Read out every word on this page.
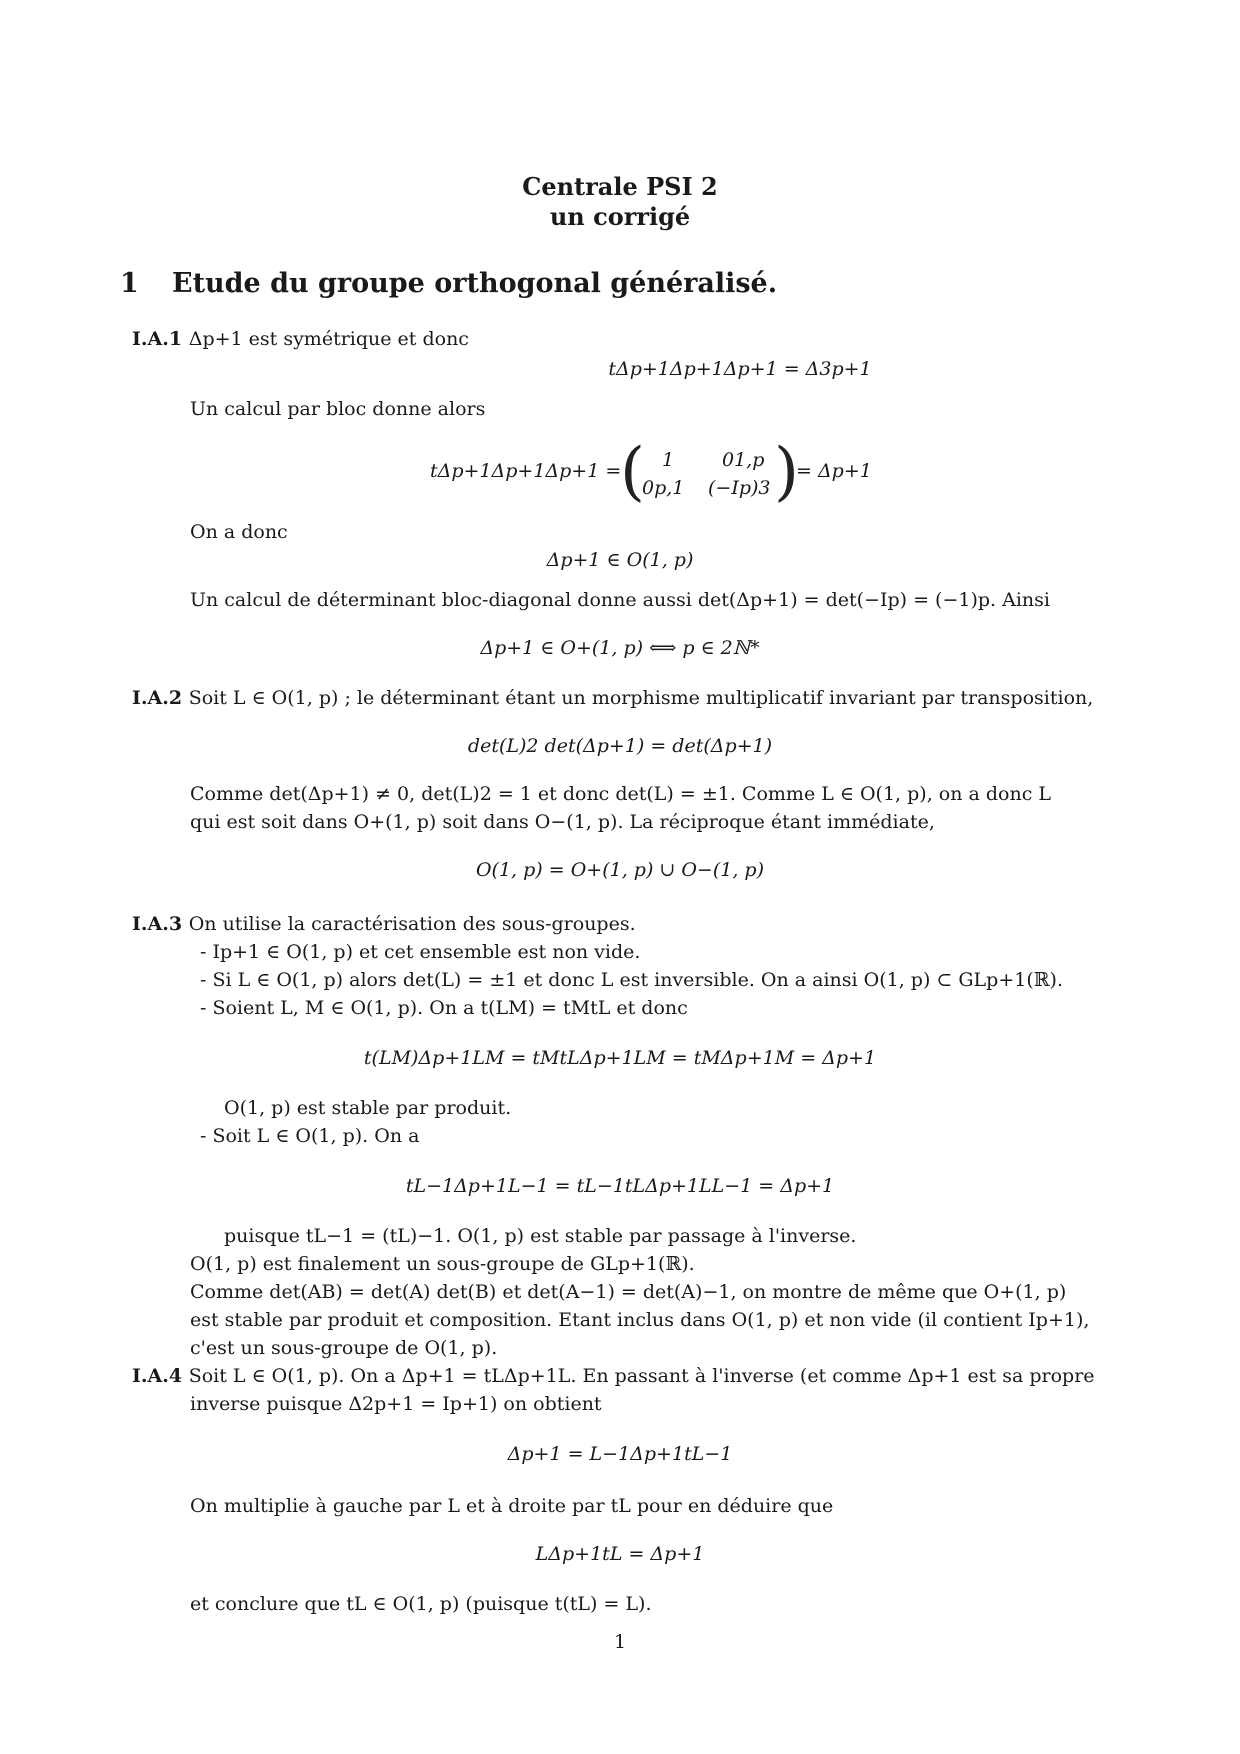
Centrale PSI 2
un corrigé
1 Etude du groupe orthogonal généralisé.
I.A.1 Δp+1 est symétrique et donc
tΔp+1Δp+1Δp+1 = Δ3p+1
Un calcul par bloc donne alors
tΔp+1Δp+1Δp+1 =
( 1	01,p
0p,1 (−Ip)3 )
= Δp+1
On a donc
Δp+1 ∈ O(1, p)
Un calcul de déterminant bloc-diagonal donne aussi det(Δp+1) = det(−Ip) = (−1)p. Ainsi
Δp+1 ∈ O+(1, p) ⟺ p ∈ 2ℕ*
I.A.2 Soit L ∈ O(1, p) ; le déterminant étant un morphisme multiplicatif invariant par transposition,
det(L)2 det(Δp+1) = det(Δp+1)
Comme det(Δp+1) ≠ 0, det(L)2 = 1 et donc det(L) = ±1. Comme L ∈ O(1, p), on a donc L
qui est soit dans O+(1, p) soit dans O−(1, p). La réciproque étant immédiate,
O(1, p) = O+(1, p) ∪ O−(1, p)
I.A.3 On utilise la caractérisation des sous-groupes.
- Ip+1 ∈ O(1, p) et cet ensemble est non vide.
- Si L ∈ O(1, p) alors det(L) = ±1 et donc L est inversible. On a ainsi O(1, p) ⊂ GLp+1(ℝ).
- Soient L, M ∈ O(1, p). On a t(LM) = tMtL et donc
t(LM)Δp+1LM = tMtLΔp+1LM = tMΔp+1M = Δp+1
O(1, p) est stable par produit.
- Soit L ∈ O(1, p). On a
tL−1Δp+1L−1 = tL−1tLΔp+1LL−1 = Δp+1
puisque tL−1 = (tL)−1. O(1, p) est stable par passage à l'inverse.
O(1, p) est finalement un sous-groupe de GLp+1(ℝ).
Comme det(AB) = det(A) det(B) et det(A−1) = det(A)−1, on montre de même que O+(1, p)
est stable par produit et composition. Etant inclus dans O(1, p) et non vide (il contient Ip+1),
c'est un sous-groupe de O(1, p).
I.A.4 Soit L ∈ O(1, p). On a Δp+1 = tLΔp+1L. En passant à l'inverse (et comme Δp+1 est sa propre
inverse puisque Δ2p+1 = Ip+1) on obtient
Δp+1 = L−1Δp+1tL−1
On multiplie à gauche par L et à droite par tL pour en déduire que
LΔp+1tL = Δp+1
et conclure que tL ∈ O(1, p) (puisque t(tL) = L).
1
